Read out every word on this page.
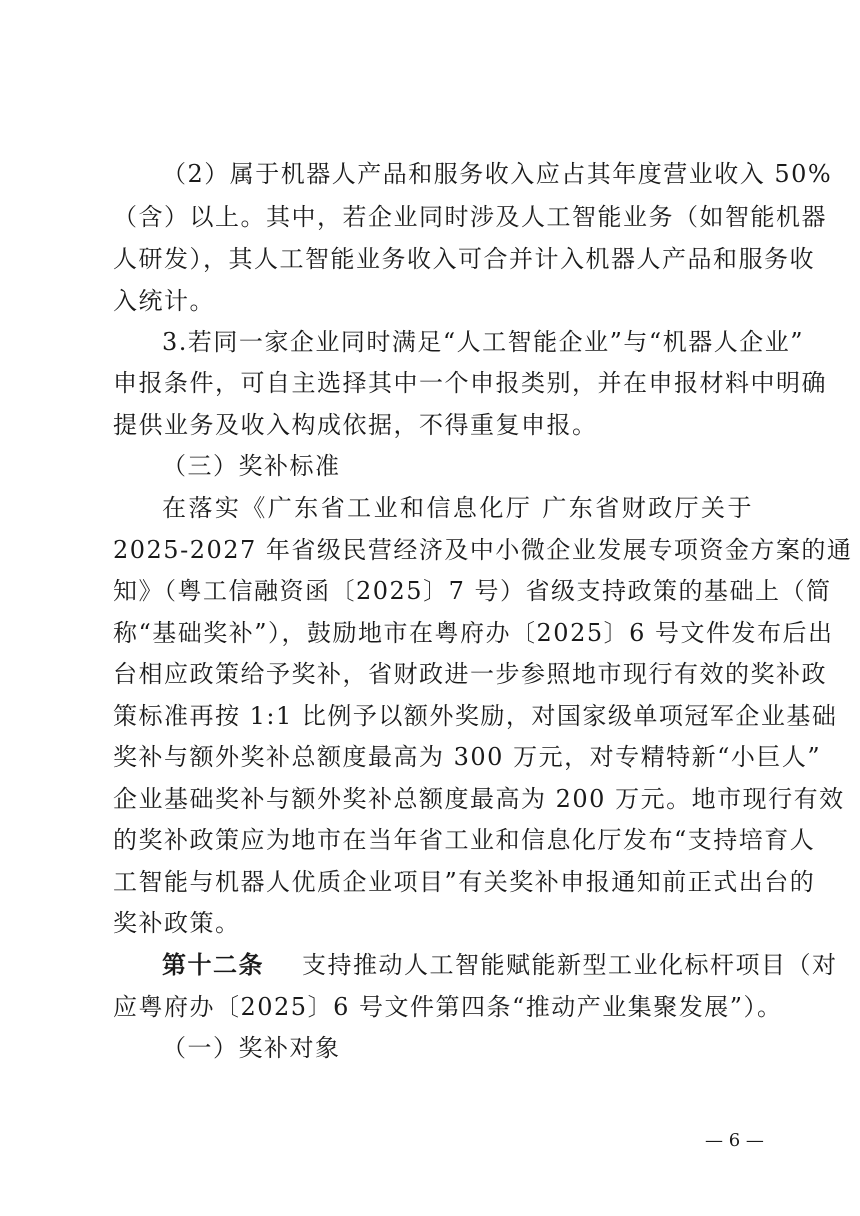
（2）属于机器人产品和服务收入应占其年度营业收入 50%
（含）以上。其中，若企业同时涉及人工智能业务（如智能机器
人研发），其人工智能业务收入可合并计入机器人产品和服务收
入统计。
3.若同一家企业同时满足“人工智能企业”与“机器人企业”
申报条件，可自主选择其中一个申报类别，并在申报材料中明确
提供业务及收入构成依据，不得重复申报。
（三）奖补标准
在落实《广东省工业和信息化厅 广东省财政厅关于
2025-2027 年省级民营经济及中小微企业发展专项资金方案的通
知》（粤工信融资函〔2025〕7 号）省级支持政策的基础上（简
称“基础奖补”），鼓励地市在粤府办〔2025〕6 号文件发布后出
台相应政策给予奖补，省财政进一步参照地市现行有效的奖补政
策标准再按 1:1 比例予以额外奖励，对国家级单项冠军企业基础
奖补与额外奖补总额度最高为 300 万元，对专精特新“小巨人”
企业基础奖补与额外奖补总额度最高为 200 万元。地市现行有效
的奖补政策应为地市在当年省工业和信息化厅发布“支持培育人
工智能与机器人优质企业项目”有关奖补申报通知前正式出台的
奖补政策。
第十二条 支持推动人工智能赋能新型工业化标杆项目（对
应粤府办〔2025〕6 号文件第四条“推动产业集聚发展”）。
（一）奖补对象
— 6 —
